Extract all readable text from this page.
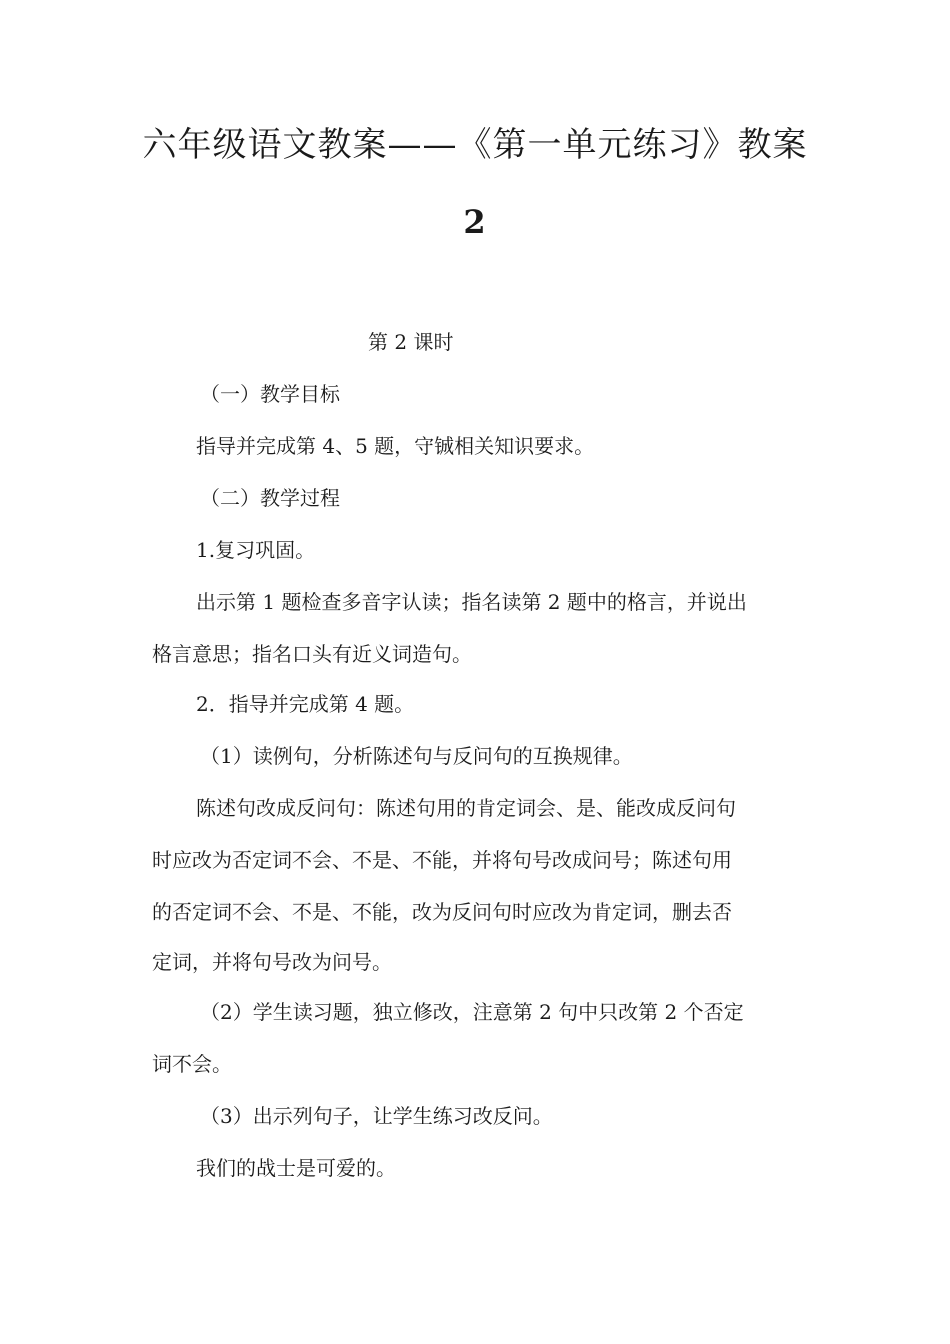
六年级语文教案——《第一单元练习》教案
2

第 2 课时

（一）教学目标

指导并完成第 4、5 题，守铖相关知识要求。

（二）教学过程

1.复习巩固。

出示第 1 题检查多音字认读；指名读第 2 题中的格言，并说出

格言意思；指名口头有近义词造句。

2．指导并完成第 4 题。

（1）读例句，分析陈述句与反问句的互换规律。

陈述句改成反问句：陈述句用的肯定词会、是、能改成反问句

时应改为否定词不会、不是、不能，并将句号改成问号；陈述句用

的否定词不会、不是、不能，改为反问句时应改为肯定词，删去否

定词，并将句号改为问号。

（2）学生读习题，独立修改，注意第 2 句中只改第 2 个否定

词不会。

（3）出示列句子，让学生练习改反问。

我们的战士是可爱的。
